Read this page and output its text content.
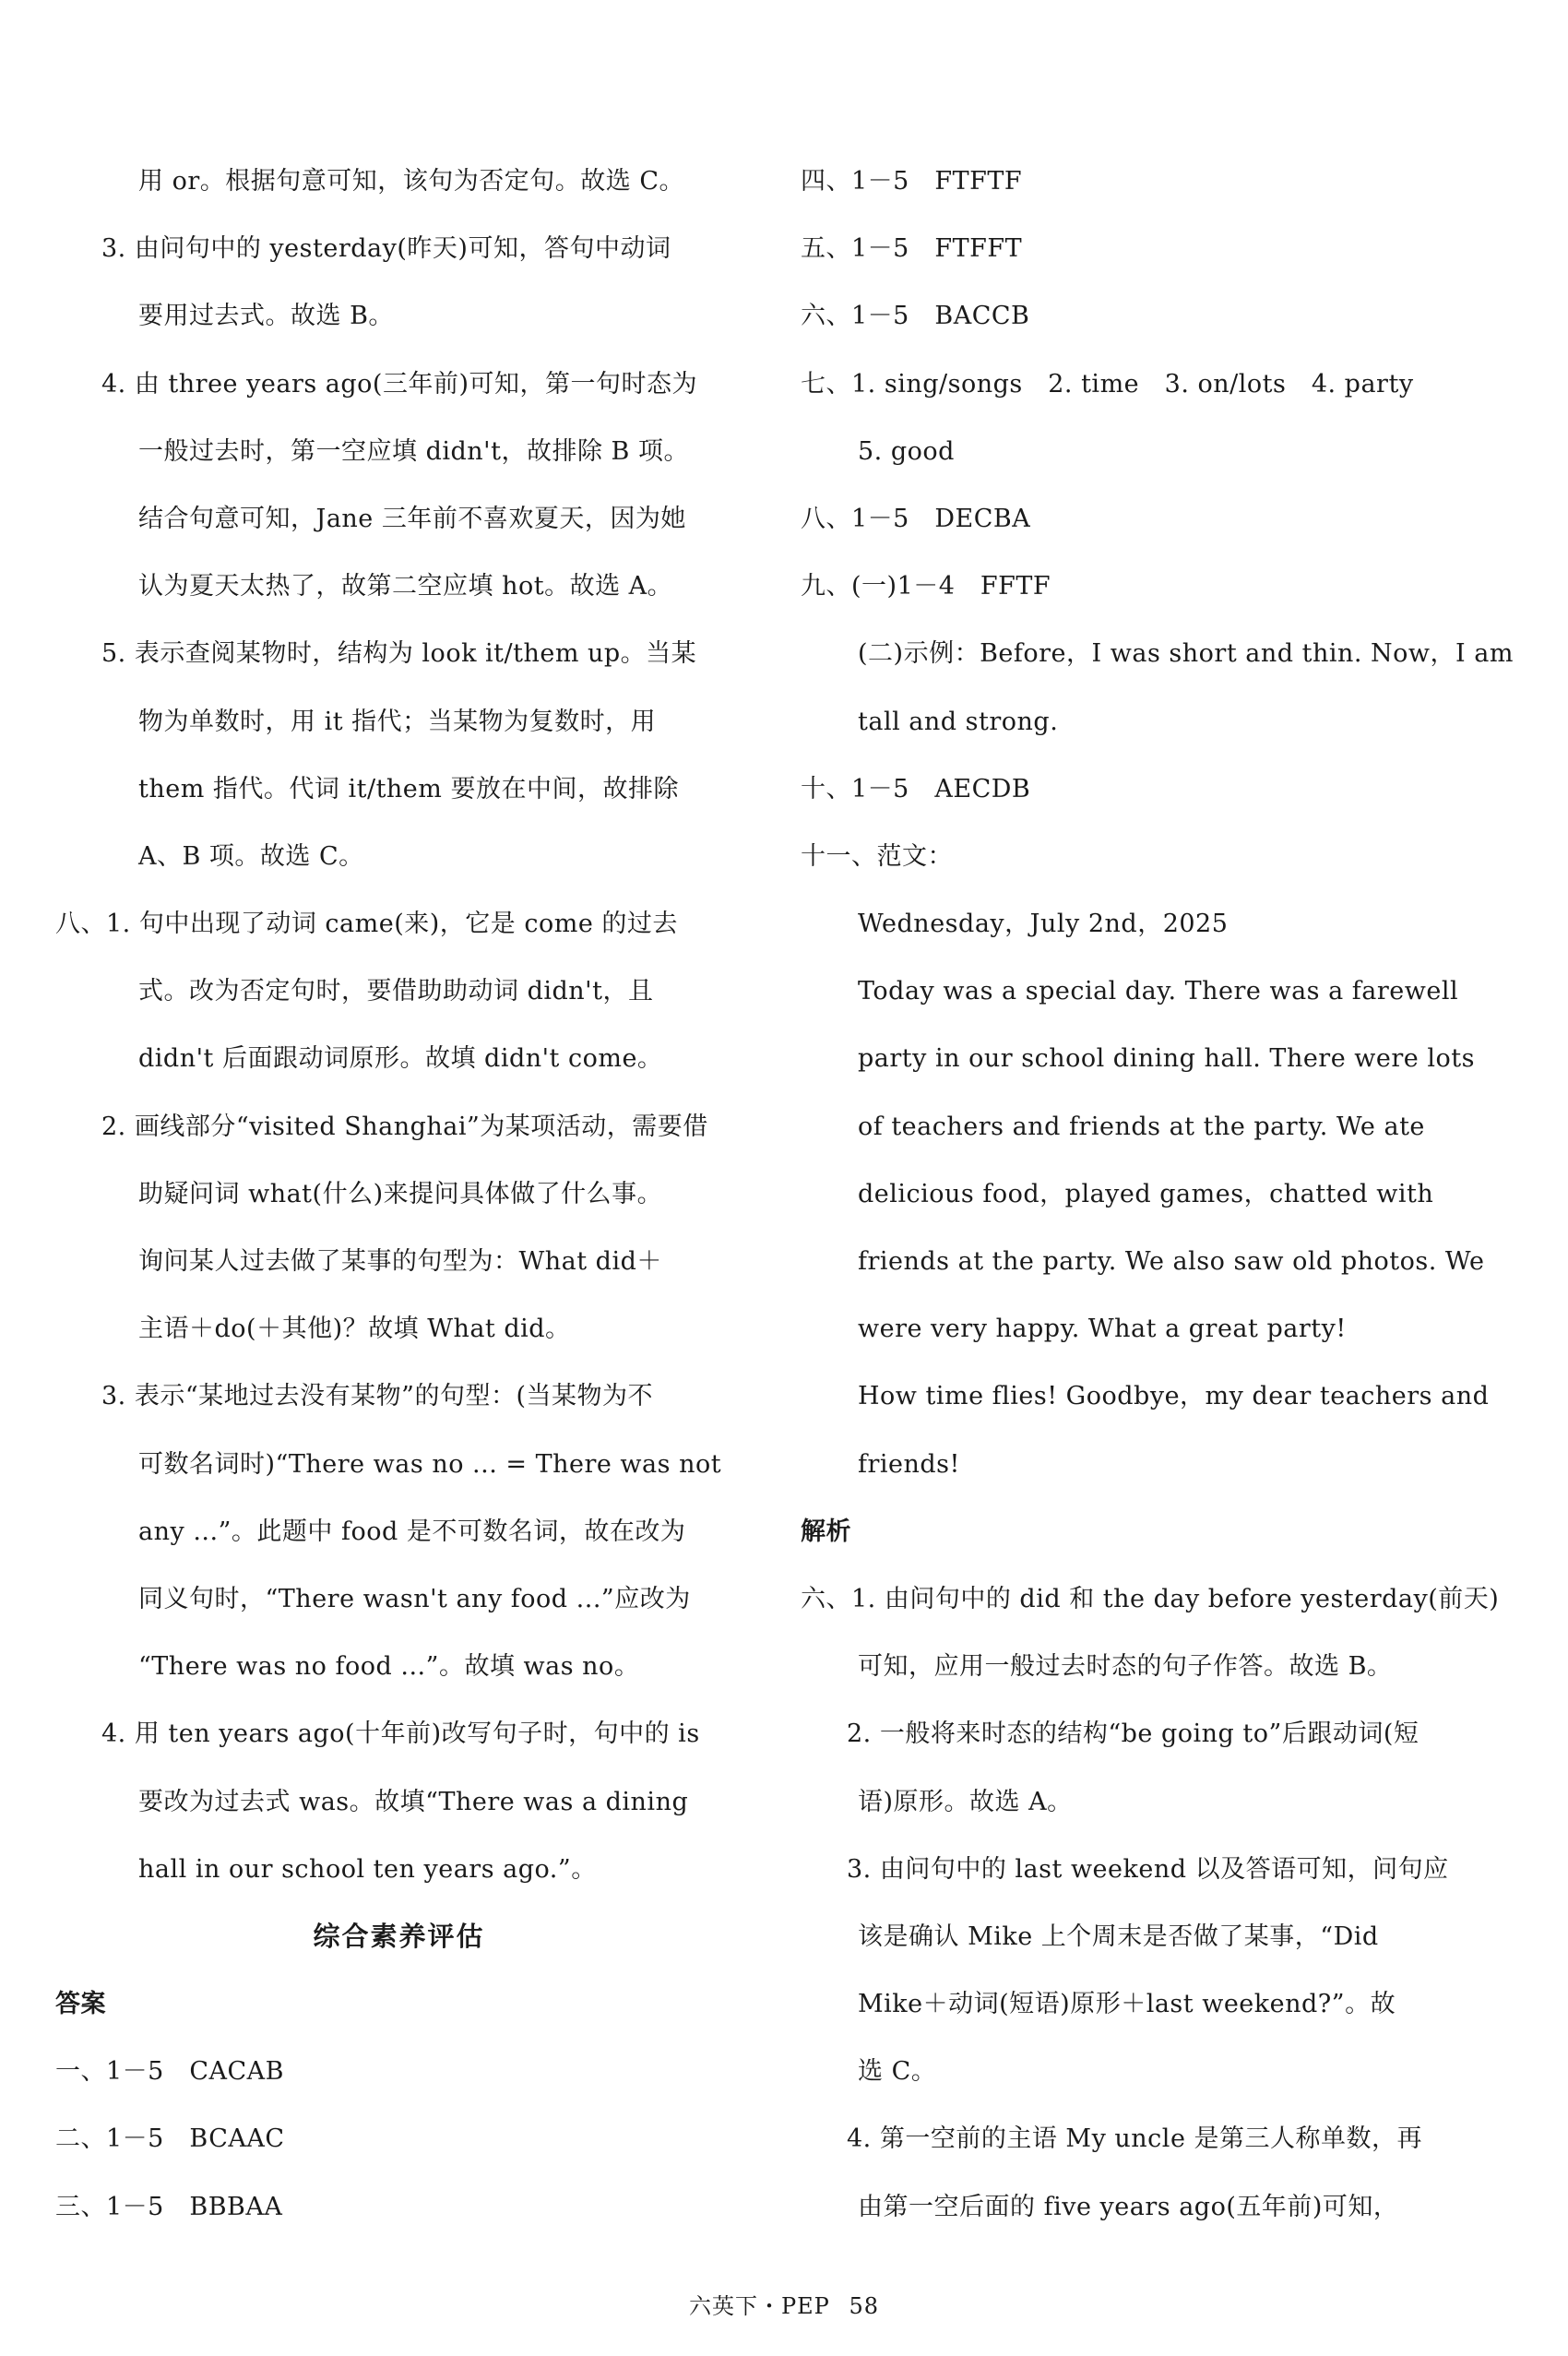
用 or。根据句意可知，该句为否定句。故选 C。
3. 由问句中的 yesterday(昨天)可知，答句中动词
要用过去式。故选 B。
4. 由 three years ago(三年前)可知，第一句时态为
一般过去时，第一空应填 didn't，故排除 B 项。
结合句意可知，Jane 三年前不喜欢夏天，因为她
认为夏天太热了，故第二空应填 hot。故选 A。
5. 表示查阅某物时，结构为 look it/them up。当某
物为单数时，用 it 指代；当某物为复数时，用
them 指代。代词 it/them 要放在中间，故排除
A、B 项。故选 C。
八、1. 句中出现了动词 came(来)，它是 come 的过去
式。改为否定句时，要借助助动词 didn't，且
didn't 后面跟动词原形。故填 didn't come。
2. 画线部分“visited Shanghai”为某项活动，需要借
助疑问词 what(什么)来提问具体做了什么事。
询问某人过去做了某事的句型为：What did＋
主语＋do(＋其他)？故填 What did。
3. 表示“某地过去没有某物”的句型：(当某物为不
可数名词时)“There was no ... = There was not
any ...”。此题中 food 是不可数名词，故在改为
同义句时，“There wasn't any food ...”应改为
“There was no food ...”。故填 was no。
4. 用 ten years ago(十年前)改写句子时，句中的 is
要改为过去式 was。故填“There was a dining
hall in our school ten years ago.”。
综合素养评估
答案
一、1－5　CACAB
二、1－5　BCAAC
三、1－5　BBBAA
四、1－5　FTFTF
五、1－5　FTFFT
六、1－5　BACCB
七、1. sing/songs　2. time　3. on/lots　4. party
5. good
八、1－5　DECBA
九、(一)1－4　FFTF
(二)示例：Before，I was short and thin. Now，I am
tall and strong.
十、1－5　AECDB
十一、范文：
Wednesday，July 2nd，2025
Today was a special day. There was a farewell
party in our school dining hall. There were lots
of teachers and friends at the party. We ate
delicious food，played games，chatted with
friends at the party. We also saw old photos. We
were very happy. What a great party!
How time flies! Goodbye，my dear teachers and
friends!
解析
六、1. 由问句中的 did 和 the day before yesterday(前天)
可知，应用一般过去时态的句子作答。故选 B。
2. 一般将来时态的结构“be going to”后跟动词(短
语)原形。故选 A。
3. 由问句中的 last weekend 以及答语可知，问句应
该是确认 Mike 上个周末是否做了某事，“Did
Mike＋动词(短语)原形＋last weekend?”。故
选 C。
4. 第一空前的主语 My uncle 是第三人称单数，再
由第一空后面的 five years ago(五年前)可知，
六英下・PEP 58
